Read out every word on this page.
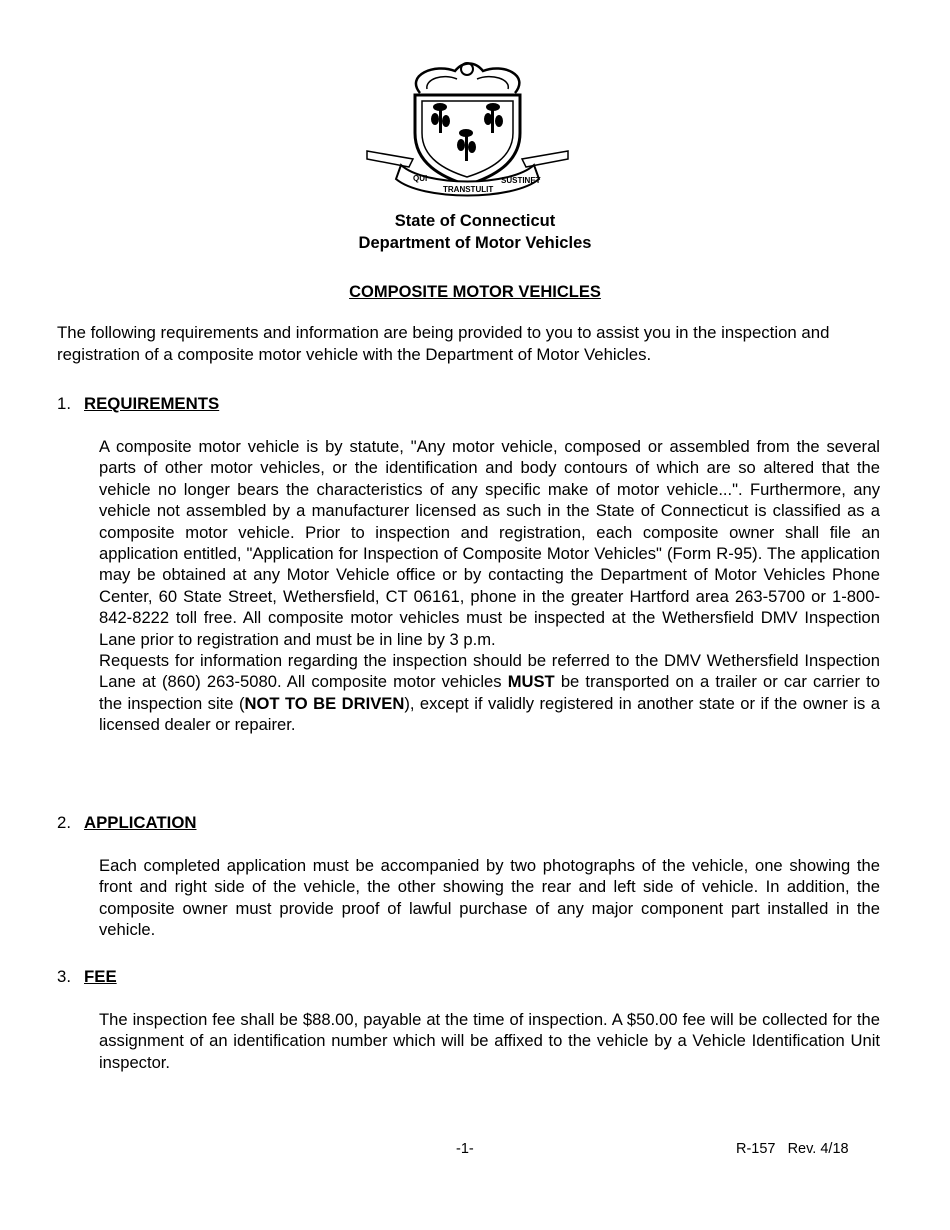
QUI
TRANSTULIT
SUSTINET
State of Connecticut
Department of Motor Vehicles
COMPOSITE MOTOR VEHICLES
The following requirements and information are being provided to you to assist you in the inspection and registration of a composite motor vehicle with the Department of Motor Vehicles.
1. REQUIREMENTS

A composite motor vehicle is by statute, "Any motor vehicle, composed or assembled from the several parts of other motor vehicles, or the identification and body contours of which are so altered that the vehicle no longer bears the characteristics of any specific make of motor vehicle...". Furthermore, any vehicle not assembled by a manufacturer licensed as such in the State of Connecticut is classified as a composite motor vehicle. Prior to inspection and registration, each composite owner shall file an application entitled, "Application for Inspection of Composite Motor Vehicles" (Form R-95). The application may be obtained at any Motor Vehicle office or by contacting the Department of Motor Vehicles Phone Center, 60 State Street, Wethersfield, CT 06161, phone in the greater Hartford area 263-5700 or 1-800-842-8222 toll free. All composite motor vehicles must be inspected at the Wethersfield DMV Inspection Lane prior to registration and must be in line by 3 p.m.

Requests for information regarding the inspection should be referred to the DMV Wethersfield Inspection Lane at (860) 263-5080. All composite motor vehicles MUST be transported on a trailer or car carrier to the inspection site (NOT TO BE DRIVEN), except if validly registered in another state or if the owner is a licensed dealer or repairer.

2. APPLICATION
Each completed application must be accompanied by two photographs of the vehicle, one showing the front and right side of the vehicle, the other showing the rear and left side of vehicle. In addition, the composite owner must provide proof of lawful purchase of any major component part installed in the vehicle.
3. FEE
The inspection fee shall be $88.00, payable at the time of inspection. A $50.00 fee will be collected for the assignment of an identification number which will be affixed to the vehicle by a Vehicle Identification Unit inspector.
-1-	R-157   Rev. 4/18
